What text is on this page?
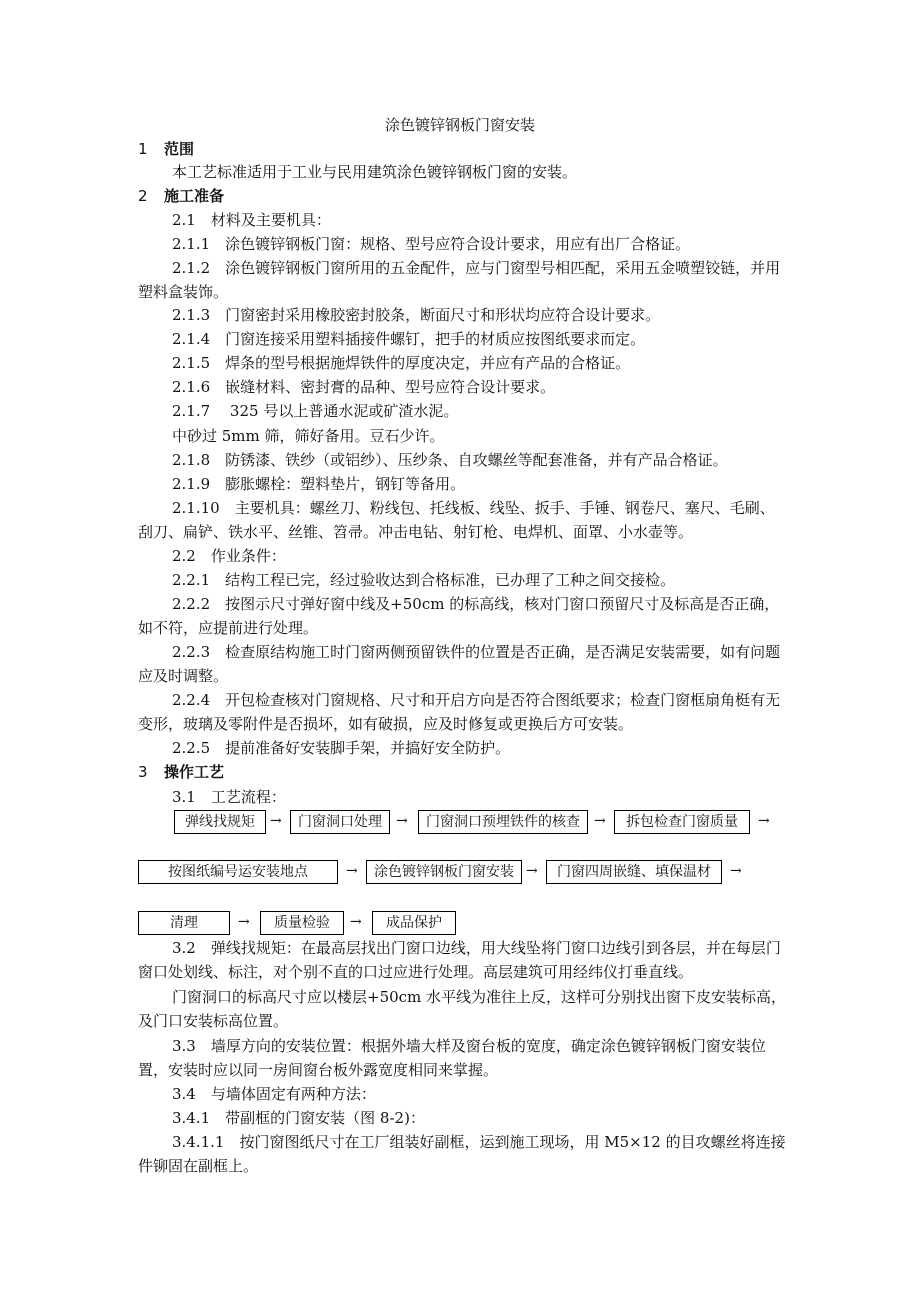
涂色镀锌钢板门窗安装
1 范围
本工艺标准适用于工业与民用建筑涂色镀锌钢板门窗的安装。
2 施工准备
2.1　材料及主要机具：
2.1.1　涂色镀锌钢板门窗：规格、型号应符合设计要求，用应有出厂合格证。
2.1.2　涂色镀锌钢板门窗所用的五金配件，应与门窗型号相匹配，采用五金喷塑铰链，并用塑料盒装饰。
2.1.3　门窗密封采用橡胶密封胶条，断面尺寸和形状均应符合设计要求。
2.1.4　门窗连接采用塑料插接件螺钉，把手的材质应按图纸要求而定。
2.1.5　焊条的型号根据施焊铁件的厚度决定，并应有产品的合格证。
2.1.6　嵌缝材料、密封膏的品种、型号应符合设计要求。
2.1.7　 325 号以上普通水泥或矿渣水泥。
中砂过 5mm 筛，筛好备用。豆石少许。
2.1.8　防锈漆、铁纱（或铝纱）、压纱条、自攻螺丝等配套准备，并有产品合格证。
2.1.9　膨胀螺栓：塑料垫片，钢钉等备用。
2.1.10　主要机具：螺丝刀、粉线包、托线板、线坠、扳手、手锤、钢卷尺、塞尺、毛刷、刮刀、扁铲、铁水平、丝锥、笤帚。冲击电钻、射钉枪、电焊机、面罩、小水壶等。
2.2　作业条件：
2.2.1　结构工程已完，经过验收达到合格标准，已办理了工种之间交接检。
2.2.2　按图示尺寸弹好窗中线及+50cm 的标高线，核对门窗口预留尺寸及标高是否正确，如不符，应提前进行处理。
2.2.3　检查原结构施工时门窗两侧预留铁件的位置是否正确，是否满足安装需要，如有问题应及时调整。
2.2.4　开包检查核对门窗规格、尺寸和开启方向是否符合图纸要求；检查门窗框扇角梃有无变形，玻璃及零附件是否损坏，如有破损，应及时修复或更换后方可安装。
2.2.5　提前准备好安装脚手架，并搞好安全防护。
3 操作工艺
3.1　工艺流程：
弹线找规矩	→	门窗洞口处理	→	门窗洞口预埋铁件的核查	→	拆包检查门窗质量	→
按图纸编号运安装地点	→	涂色镀锌钢板门窗安装 →	门窗四周嵌缝、填保温材	→
清理	→	质量检验	→	成品保护
3.2　弹线找规矩：在最高层找出门窗口边线，用大线坠将门窗口边线引到各层，并在每层门窗口处划线、标注，对个别不直的口过应进行处理。高层建筑可用经纬仪打垂直线。
门窗洞口的标高尺寸应以楼层+50cm 水平线为准往上反，这样可分别找出窗下皮安装标高，及门口安装标高位置。
3.3　墙厚方向的安装位置：根据外墙大样及窗台板的宽度，确定涂色镀锌钢板门窗安装位置，安装时应以同一房间窗台板外露宽度相同来掌握。
3.4　与墙体固定有两种方法：
3.4.1　带副框的门窗安装（图 8-2)：
3.4.1.1　按门窗图纸尺寸在工厂组装好副框，运到施工现场，用 M5×12 的目攻螺丝将连接件铆固在副框上。
